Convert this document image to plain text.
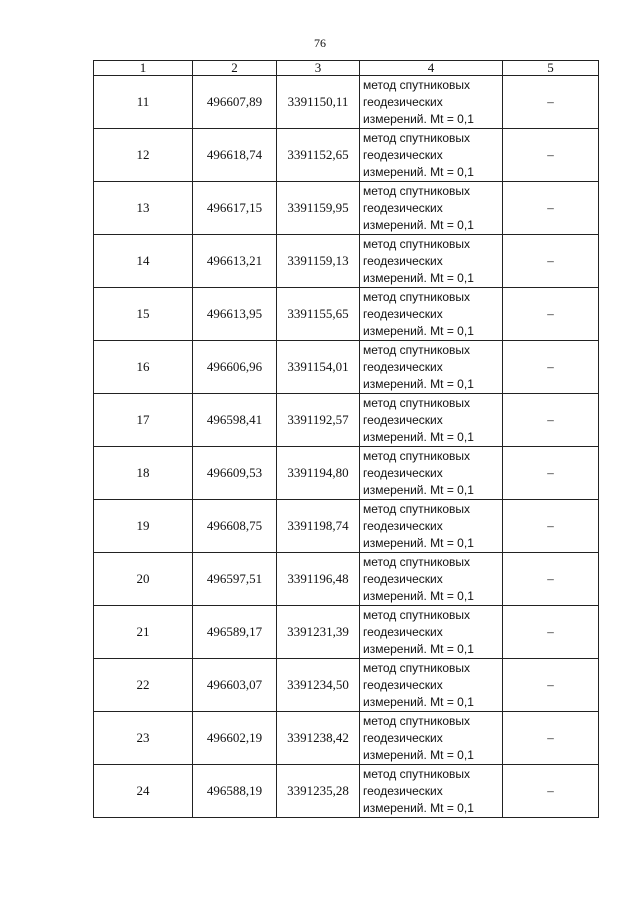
76
1	2	3	4	5
11	496607,89	3391150,11	метод спутниковых
геодезических
измерений. Mt = 0,1	–
12	496618,74	3391152,65	метод спутниковых
геодезических
измерений. Mt = 0,1	–
13	496617,15	3391159,95	метод спутниковых
геодезических
измерений. Mt = 0,1	–
14	496613,21	3391159,13	метод спутниковых
геодезических
измерений. Mt = 0,1	–
15	496613,95	3391155,65	метод спутниковых
геодезических
измерений. Mt = 0,1	–
16	496606,96	3391154,01	метод спутниковых
геодезических
измерений. Mt = 0,1	–
17	496598,41	3391192,57	метод спутниковых
геодезических
измерений. Mt = 0,1	–
18	496609,53	3391194,80	метод спутниковых
геодезических
измерений. Mt = 0,1	–
19	496608,75	3391198,74	метод спутниковых
геодезических
измерений. Mt = 0,1	–
20	496597,51	3391196,48	метод спутниковых
геодезических
измерений. Mt = 0,1	–
21	496589,17	3391231,39	метод спутниковых
геодезических
измерений. Mt = 0,1	–
22	496603,07	3391234,50	метод спутниковых
геодезических
измерений. Mt = 0,1	–
23	496602,19	3391238,42	метод спутниковых
геодезических
измерений. Mt = 0,1	–
24	496588,19	3391235,28	метод спутниковых
геодезических
измерений. Mt = 0,1	–
